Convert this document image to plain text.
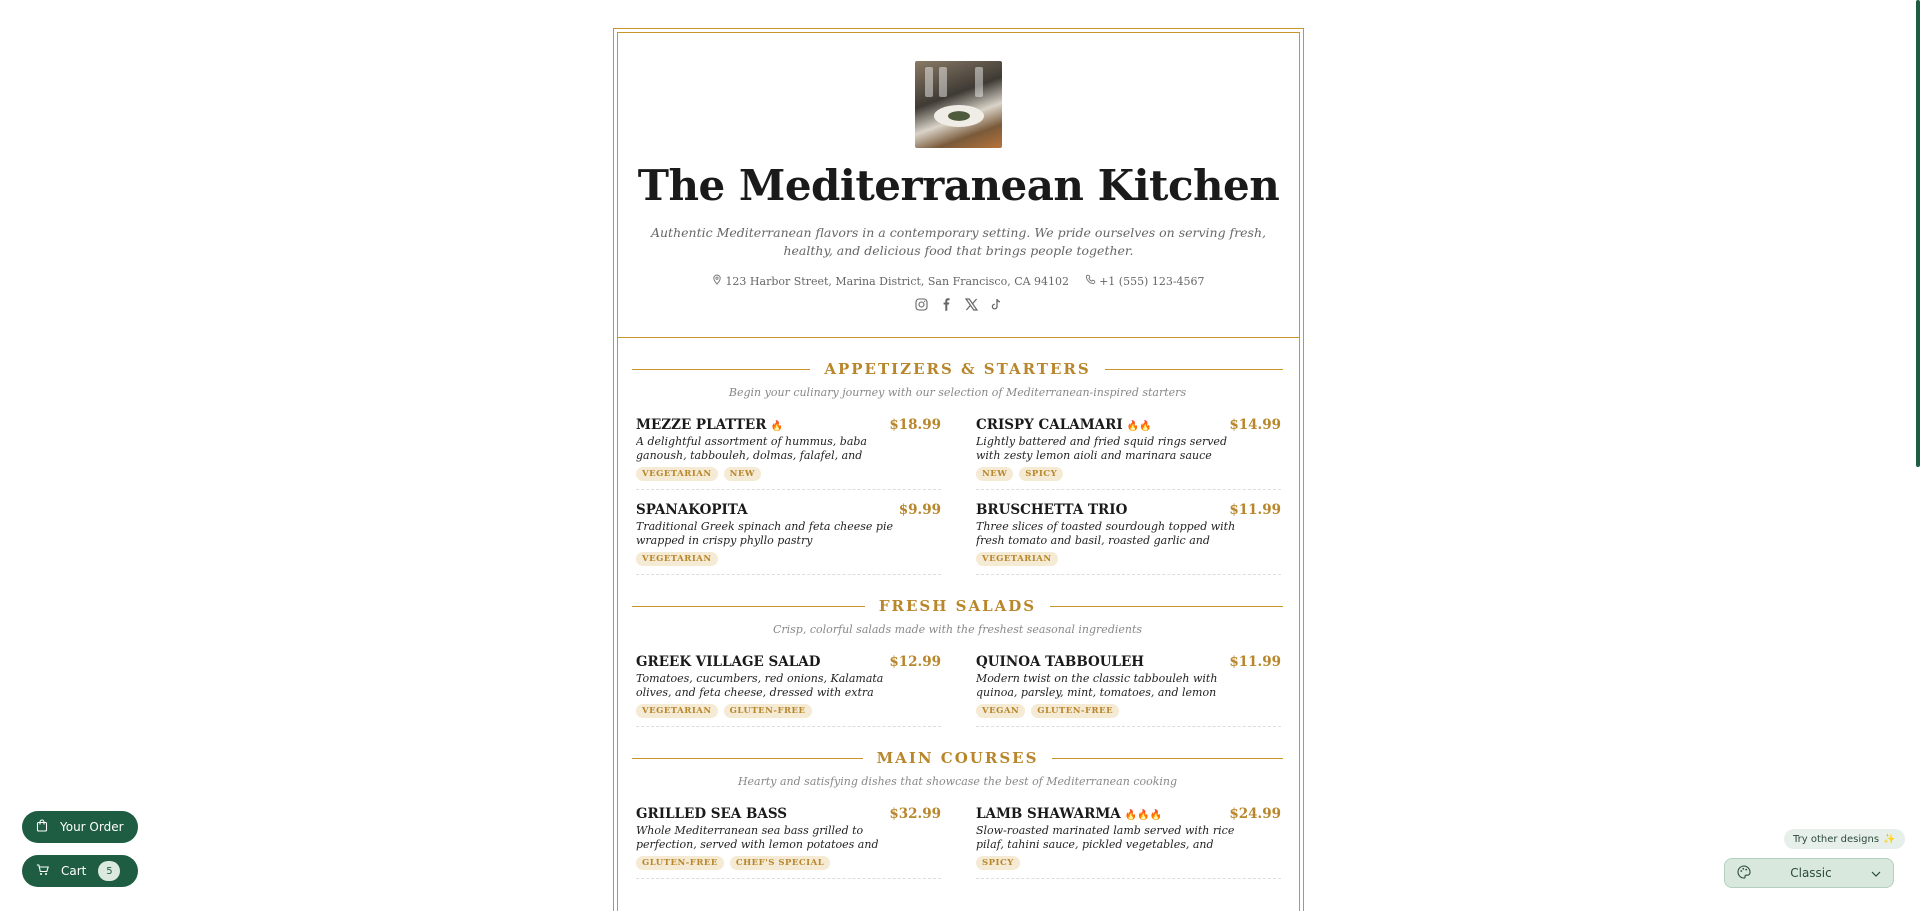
The Mediterranean Kitchen

Authentic Mediterranean flavors in a contemporary setting. We pride ourselves on serving fresh, healthy, and delicious food that brings people together.

123 Harbor Street, Marina District, San Francisco, CA 94102	+1 (555) 123-4567
APPETIZERS & STARTERS
Begin your culinary journey with our selection of Mediterranean-inspired starters
MEZZE PLATTER 🔥	$18.99
A delightful assortment of hummus, baba ganoush, tabbouleh, dolmas, falafel, and
VEGETARIAN	NEW
CRISPY CALAMARI 🔥🔥	$14.99
Lightly battered and fried squid rings served with zesty lemon aioli and marinara sauce
NEW	SPICY
SPANAKOPITA	$9.99
Traditional Greek spinach and feta cheese pie wrapped in crispy phyllo pastry
VEGETARIAN
BRUSCHETTA TRIO	$11.99
Three slices of toasted sourdough topped with fresh tomato and basil, roasted garlic and
VEGETARIAN
FRESH SALADS
Crisp, colorful salads made with the freshest seasonal ingredients
GREEK VILLAGE SALAD	$12.99
Tomatoes, cucumbers, red onions, Kalamata olives, and feta cheese, dressed with extra
VEGETARIAN	GLUTEN-FREE
QUINOA TABBOULEH	$11.99
Modern twist on the classic tabbouleh with quinoa, parsley, mint, tomatoes, and lemon
VEGAN	GLUTEN-FREE
MAIN COURSES
Hearty and satisfying dishes that showcase the best of Mediterranean cooking
GRILLED SEA BASS	$32.99
Whole Mediterranean sea bass grilled to perfection, served with lemon potatoes and
GLUTEN-FREE	CHEF'S SPECIAL
LAMB SHAWARMA 🔥🔥🔥	$24.99
Slow-roasted marinated lamb served with rice pilaf, tahini sauce, pickled vegetables, and
SPICY
Your Order
Cart	5
Try other designs ✨
Classic
